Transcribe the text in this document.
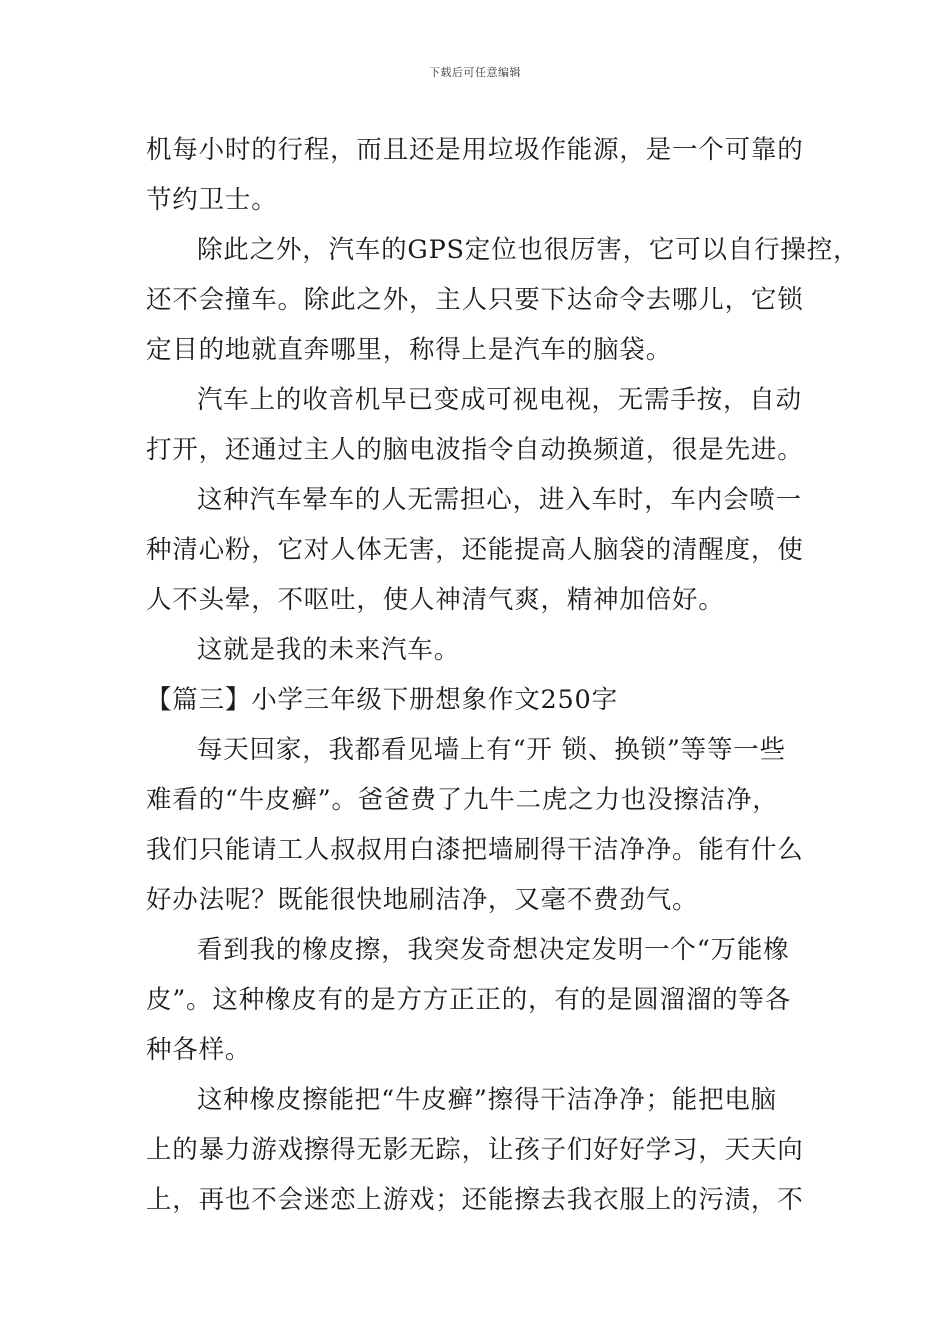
下载后可任意编辑
机每小时的行程，而且还是用垃圾作能源，是一个可靠的
节约卫士。
除此之外，汽车的GPS定位也很厉害，它可以自行操控，
还不会撞车。除此之外，主人只要下达命令去哪儿，它锁
定目的地就直奔哪里，称得上是汽车的脑袋。
汽车上的收音机早已变成可视电视，无需手按，自动
打开，还通过主人的脑电波指令自动换频道，很是先进。
这种汽车晕车的人无需担心，进入车时，车内会喷一
种清心粉，它对人体无害，还能提高人脑袋的清醒度，使
人不头晕，不呕吐，使人神清气爽，精神加倍好。
这就是我的未来汽车。
【篇三】小学三年级下册想象作文250字
每天回家，我都看见墙上有“开 锁、换锁”等等一些
难看的“牛皮癣”。爸爸费了九牛二虎之力也没擦洁净，
我们只能请工人叔叔用白漆把墙刷得干洁净净。能有什么
好办法呢？既能很快地刷洁净，又毫不费劲气。
看到我的橡皮擦，我突发奇想决定发明一个“万能橡
皮”。这种橡皮有的是方方正正的，有的是圆溜溜的等各
种各样。
这种橡皮擦能把“牛皮癣”擦得干洁净净；能把电脑
上的暴力游戏擦得无影无踪，让孩子们好好学习，天天向
上，再也不会迷恋上游戏；还能擦去我衣服上的污渍，不
